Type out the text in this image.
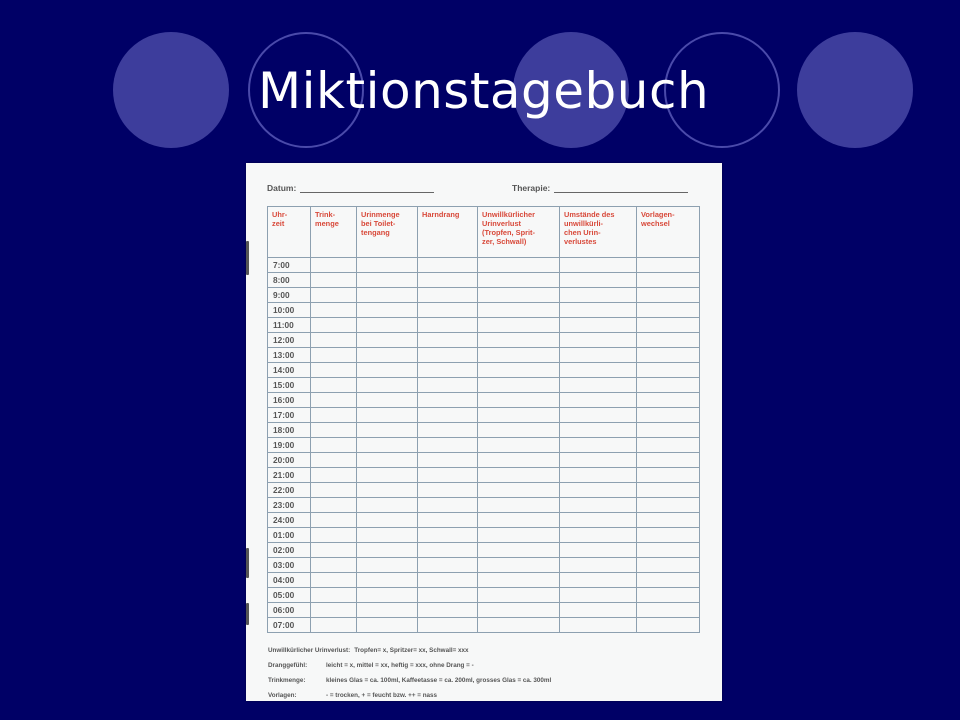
Miktionstagebuch
Datum:	Therapie:
Uhr-
zeit	Trink-
menge	Urinmenge
bei Toilet-
tengang	Harndrang	Unwillkürlicher
Urinverlust
(Tropfen, Sprit-
zer, Schwall)	Umstände des
unwillkürli-
chen Urin-
verlustes	Vorlagen-
wechsel
7:00						
8:00						
9:00						
10:00						
11:00						
12:00						
13:00						
14:00						
15:00						
16:00						
17:00						
18:00						
19:00						
20:00						
21:00						
22:00						
23:00						
24:00						
01:00						
02:00						
03:00						
04:00						
05:00						
06:00						
07:00						
Unwillkürlicher Urinverlust: Tropfen= x, Spritzer= xx, Schwall= xxx
Dranggefühl:	leicht = x, mittel = xx, heftig = xxx, ohne Drang = -
Trinkmenge:	kleines Glas = ca. 100ml, Kaffeetasse = ca. 200ml, grosses Glas = ca. 300ml
Vorlagen:	- = trocken, + = feucht bzw. ++ = nass
